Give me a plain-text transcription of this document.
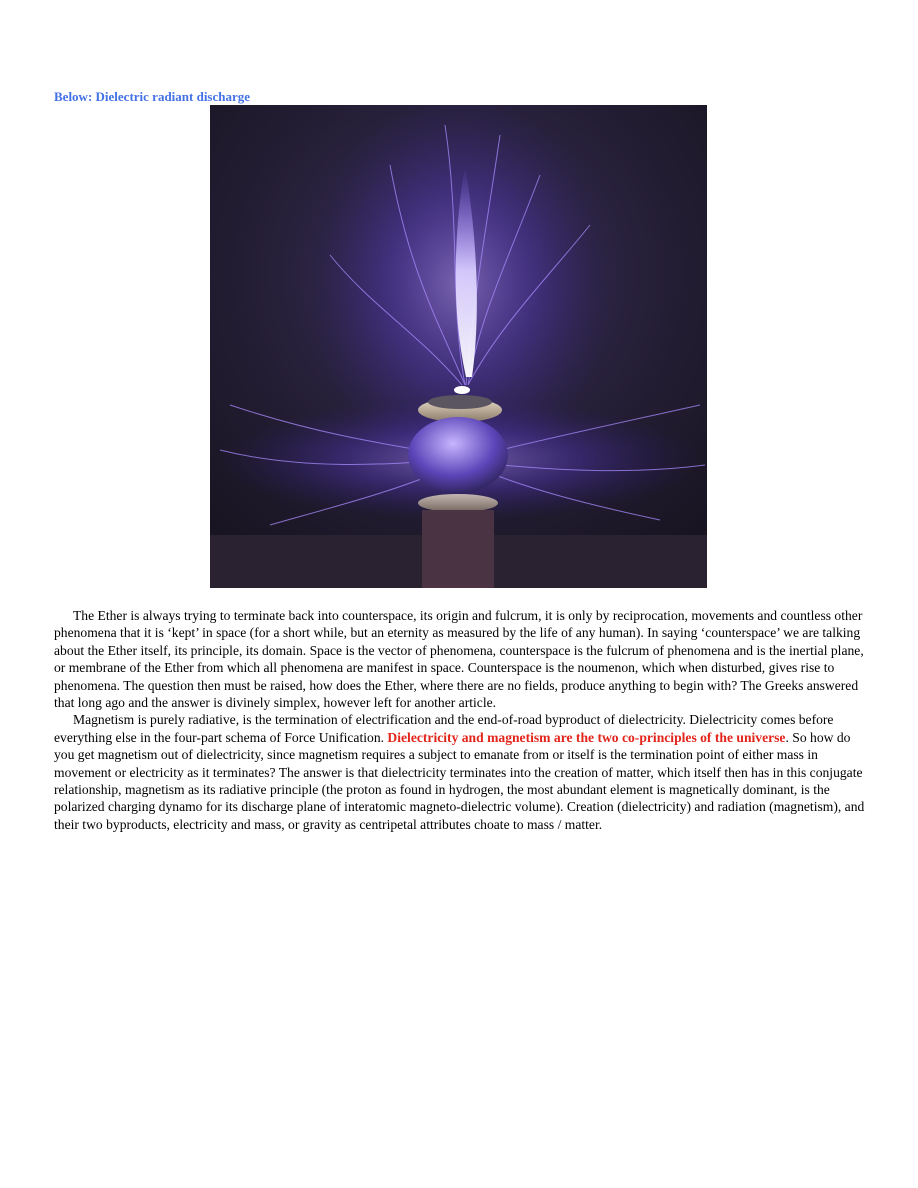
Below: Dielectric radiant discharge

The Ether is always trying to terminate back into counterspace, its origin and fulcrum, it is only by reciprocation, movements and countless other phenomena that it is ‘kept’ in space (for a short while, but an eternity as measured by the life of any human). In saying ‘counterspace’ we are talking about the Ether itself, its principle, its domain. Space is the vector of phenomena, counterspace is the fulcrum of phenomena and is the inertial plane, or membrane of the Ether from which all phenomena are manifest in space. Counterspace is the noumenon, which when disturbed, gives rise to phenomena. The question then must be raised, how does the Ether, where there are no fields, produce anything to begin with? The Greeks answered that long ago and the answer is divinely simplex, however left for another article.

Magnetism is purely radiative, is the termination of electrification and the end-of-road byproduct of dielectricity. Dielectricity comes before everything else in the four-part schema of Force Unification. Dielectricity and magnetism are the two co-principles of the universe. So how do you get magnetism out of dielectricity, since magnetism requires a subject to emanate from or itself is the termination point of either mass in movement or electricity as it terminates? The answer is that dielectricity terminates into the creation of matter, which itself then has in this conjugate relationship, magnetism as its radiative principle (the proton as found in hydrogen, the most abundant element is magnetically dominant, is the polarized charging dynamo for its discharge plane of interatomic magneto-dielectric volume). Creation (dielectricity) and radiation (magnetism), and their two byproducts, electricity and mass, or gravity as centripetal attributes choate to mass / matter.
